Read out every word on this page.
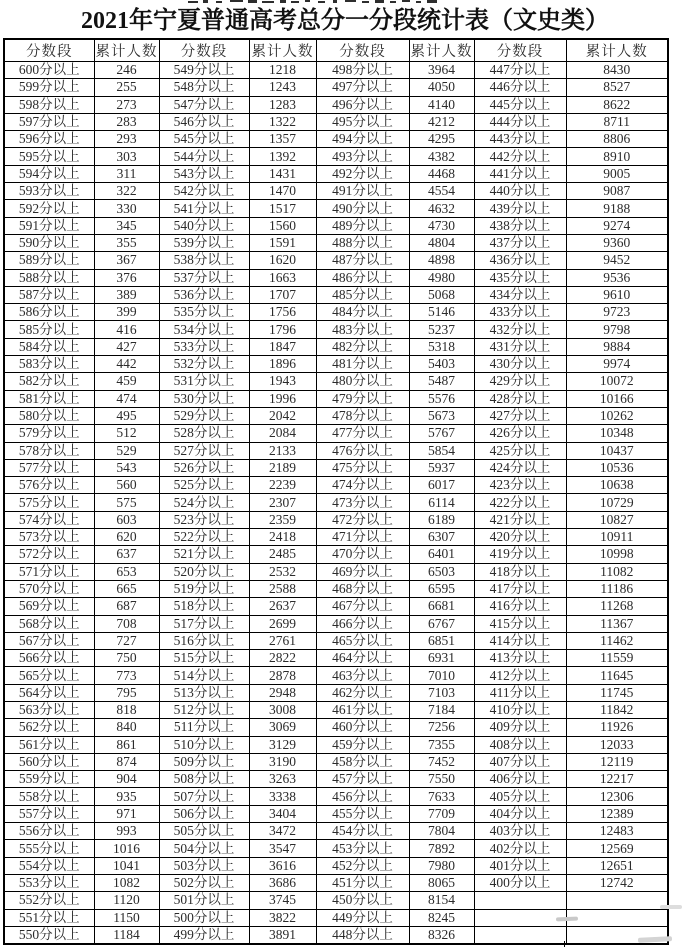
2021年宁夏普通高考总分一分段统计表（文史类）
分数段	累计人数	分数段	累计人数	分数段	累计人数	分数段	累计人数
600分以上	246	549分以上	1218	498分以上	3964	447分以上	8430
599分以上	255	548分以上	1243	497分以上	4050	446分以上	8527
598分以上	273	547分以上	1283	496分以上	4140	445分以上	8622
597分以上	283	546分以上	1322	495分以上	4212	444分以上	8711
596分以上	293	545分以上	1357	494分以上	4295	443分以上	8806
595分以上	303	544分以上	1392	493分以上	4382	442分以上	8910
594分以上	311	543分以上	1431	492分以上	4468	441分以上	9005
593分以上	322	542分以上	1470	491分以上	4554	440分以上	9087
592分以上	330	541分以上	1517	490分以上	4632	439分以上	9188
591分以上	345	540分以上	1560	489分以上	4730	438分以上	9274
590分以上	355	539分以上	1591	488分以上	4804	437分以上	9360
589分以上	367	538分以上	1620	487分以上	4898	436分以上	9452
588分以上	376	537分以上	1663	486分以上	4980	435分以上	9536
587分以上	389	536分以上	1707	485分以上	5068	434分以上	9610
586分以上	399	535分以上	1756	484分以上	5146	433分以上	9723
585分以上	416	534分以上	1796	483分以上	5237	432分以上	9798
584分以上	427	533分以上	1847	482分以上	5318	431分以上	9884
583分以上	442	532分以上	1896	481分以上	5403	430分以上	9974
582分以上	459	531分以上	1943	480分以上	5487	429分以上	10072
581分以上	474	530分以上	1996	479分以上	5576	428分以上	10166
580分以上	495	529分以上	2042	478分以上	5673	427分以上	10262
579分以上	512	528分以上	2084	477分以上	5767	426分以上	10348
578分以上	529	527分以上	2133	476分以上	5854	425分以上	10437
577分以上	543	526分以上	2189	475分以上	5937	424分以上	10536
576分以上	560	525分以上	2239	474分以上	6017	423分以上	10638
575分以上	575	524分以上	2307	473分以上	6114	422分以上	10729
574分以上	603	523分以上	2359	472分以上	6189	421分以上	10827
573分以上	620	522分以上	2418	471分以上	6307	420分以上	10911
572分以上	637	521分以上	2485	470分以上	6401	419分以上	10998
571分以上	653	520分以上	2532	469分以上	6503	418分以上	11082
570分以上	665	519分以上	2588	468分以上	6595	417分以上	11186
569分以上	687	518分以上	2637	467分以上	6681	416分以上	11268
568分以上	708	517分以上	2699	466分以上	6767	415分以上	11367
567分以上	727	516分以上	2761	465分以上	6851	414分以上	11462
566分以上	750	515分以上	2822	464分以上	6931	413分以上	11559
565分以上	773	514分以上	2878	463分以上	7010	412分以上	11645
564分以上	795	513分以上	2948	462分以上	7103	411分以上	11745
563分以上	818	512分以上	3008	461分以上	7184	410分以上	11842
562分以上	840	511分以上	3069	460分以上	7256	409分以上	11926
561分以上	861	510分以上	3129	459分以上	7355	408分以上	12033
560分以上	874	509分以上	3190	458分以上	7452	407分以上	12119
559分以上	904	508分以上	3263	457分以上	7550	406分以上	12217
558分以上	935	507分以上	3338	456分以上	7633	405分以上	12306
557分以上	971	506分以上	3404	455分以上	7709	404分以上	12389
556分以上	993	505分以上	3472	454分以上	7804	403分以上	12483
555分以上	1016	504分以上	3547	453分以上	7892	402分以上	12569
554分以上	1041	503分以上	3616	452分以上	7980	401分以上	12651
553分以上	1082	502分以上	3686	451分以上	8065	400分以上	12742
552分以上	1120	501分以上	3745	450分以上	8154		
551分以上	1150	500分以上	3822	449分以上	8245		
550分以上	1184	499分以上	3891	448分以上	8326		
